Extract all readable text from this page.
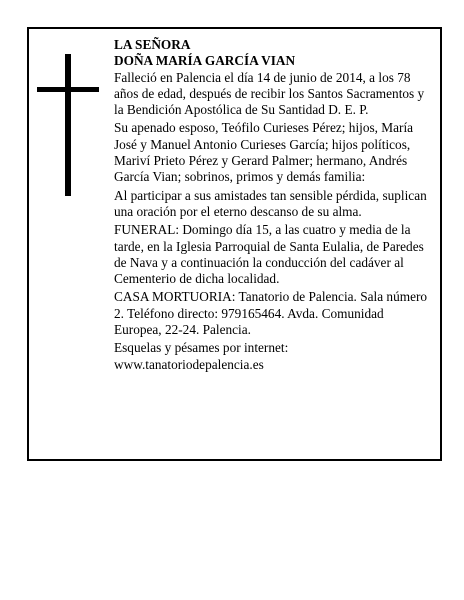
LA SEÑORA

DOÑA MARÍA GARCÍA VIAN

Falleció en Palencia el día 14 de junio de 2014, a los 78 años de edad, después de recibir los Santos Sacramentos y la Bendición Apostólica de Su Santidad D. E. P.

Su apenado esposo, Teófilo Curieses Pérez; hijos, María José y Manuel Antonio Curieses García; hijos políticos, Mariví Prieto Pérez y Gerard Palmer; hermano, Andrés García Vian; sobrinos, primos y demás familia:

Al participar a sus amistades tan sensible pérdida, suplican una oración por el eterno descanso de su alma.

FUNERAL: Domingo día 15, a las cuatro y media de la tarde, en la Iglesia Parroquial de Santa Eulalia, de Paredes de Nava y a continuación la conducción del cadáver al Cementerio de dicha localidad.

CASA MORTUORIA: Tanatorio de Palencia. Sala número 2. Teléfono directo: 979165464. Avda. Comunidad Europea, 22-24. Palencia.

Esquelas y pésames por internet: www.tanatoriodepalencia.es
